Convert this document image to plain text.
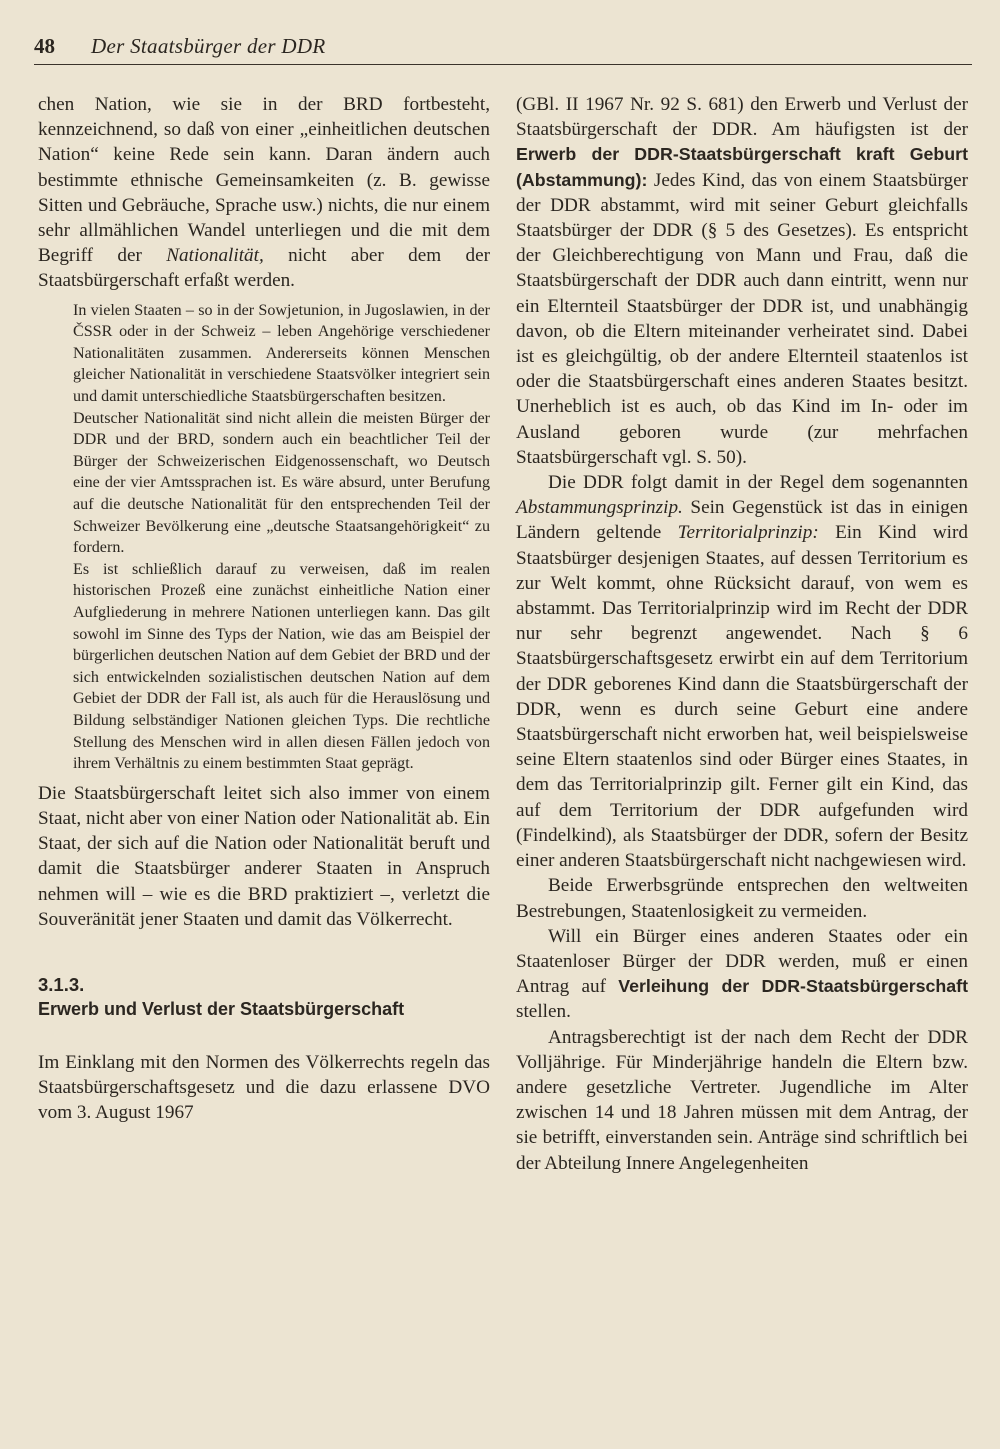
48 Der Staatsbürger der DDR

chen Nation, wie sie in der BRD fortbesteht, kennzeichnend, so daß von einer „einheitlichen deutschen Nation“ keine Rede sein kann. Daran ändern auch bestimmte ethnische Gemeinsamkeiten (z. B. gewisse Sitten und Gebräuche, Sprache usw.) nichts, die nur einem sehr allmählichen Wandel unterliegen und die mit dem Begriff der Nationalität, nicht aber dem der Staatsbürgerschaft erfaßt werden.

In vielen Staaten – so in der Sowjetunion, in Jugoslawien, in der ČSSR oder in der Schweiz – leben Angehörige verschiedener Nationalitäten zusammen. Andererseits können Menschen gleicher Nationalität in verschiedene Staatsvölker integriert sein und damit unterschiedliche Staatsbürgerschaften besitzen.

Deutscher Nationalität sind nicht allein die meisten Bürger der DDR und der BRD, sondern auch ein beachtlicher Teil der Bürger der Schweizerischen Eidgenossenschaft, wo Deutsch eine der vier Amtssprachen ist. Es wäre absurd, unter Berufung auf die deutsche Nationalität für den entsprechenden Teil der Schweizer Bevölkerung eine „deutsche Staatsangehörigkeit“ zu fordern.

Es ist schließlich darauf zu verweisen, daß im realen historischen Prozeß eine zunächst einheitliche Nation einer Aufgliederung in mehrere Nationen unterliegen kann. Das gilt sowohl im Sinne des Typs der Nation, wie das am Beispiel der bürgerlichen deutschen Nation auf dem Gebiet der BRD und der sich entwickelnden sozialistischen deutschen Nation auf dem Gebiet der DDR der Fall ist, als auch für die Herauslösung und Bildung selbständiger Nationen gleichen Typs. Die rechtliche Stellung des Menschen wird in allen diesen Fällen jedoch von ihrem Verhältnis zu einem bestimmten Staat geprägt.

Die Staatsbürgerschaft leitet sich also immer von einem Staat, nicht aber von einer Nation oder Nationalität ab. Ein Staat, der sich auf die Nation oder Nationalität beruft und damit die Staatsbürger anderer Staaten in Anspruch nehmen will – wie es die BRD praktiziert –, verletzt die Souveränität jener Staaten und damit das Völkerrecht.

3.1.3.
Erwerb und Verlust der Staatsbürgerschaft

Im Einklang mit den Normen des Völkerrechts regeln das Staatsbürgerschaftsgesetz und die dazu erlassene DVO vom 3. August 1967

(GBl. II 1967 Nr. 92 S. 681) den Erwerb und Verlust der Staatsbürgerschaft der DDR. Am häufigsten ist der Erwerb der DDR-Staatsbürgerschaft kraft Geburt (Abstammung): Jedes Kind, das von einem Staatsbürger der DDR abstammt, wird mit seiner Geburt gleichfalls Staatsbürger der DDR (§ 5 des Gesetzes). Es entspricht der Gleichberechtigung von Mann und Frau, daß die Staatsbürgerschaft der DDR auch dann eintritt, wenn nur ein Elternteil Staatsbürger der DDR ist, und unabhängig davon, ob die Eltern miteinander verheiratet sind. Dabei ist es gleichgültig, ob der andere Elternteil staatenlos ist oder die Staatsbürgerschaft eines anderen Staates besitzt. Unerheblich ist es auch, ob das Kind im In- oder im Ausland geboren wurde (zur mehrfachen Staatsbürgerschaft vgl. S. 50).

Die DDR folgt damit in der Regel dem sogenannten Abstammungsprinzip. Sein Gegenstück ist das in einigen Ländern geltende Territorialprinzip: Ein Kind wird Staatsbürger desjenigen Staates, auf dessen Territorium es zur Welt kommt, ohne Rücksicht darauf, von wem es abstammt. Das Territorialprinzip wird im Recht der DDR nur sehr begrenzt angewendet. Nach § 6 Staatsbürgerschaftsgesetz erwirbt ein auf dem Territorium der DDR geborenes Kind dann die Staatsbürgerschaft der DDR, wenn es durch seine Geburt eine andere Staatsbürgerschaft nicht erworben hat, weil beispielsweise seine Eltern staatenlos sind oder Bürger eines Staates, in dem das Territorialprinzip gilt. Ferner gilt ein Kind, das auf dem Territorium der DDR aufgefunden wird (Findelkind), als Staatsbürger der DDR, sofern der Besitz einer anderen Staatsbürgerschaft nicht nachgewiesen wird.

Beide Erwerbsgründe entsprechen den weltweiten Bestrebungen, Staatenlosigkeit zu vermeiden.

Will ein Bürger eines anderen Staates oder ein Staatenloser Bürger der DDR werden, muß er einen Antrag auf Verleihung der DDR-Staatsbürgerschaft stellen.

Antragsberechtigt ist der nach dem Recht der DDR Volljährige. Für Minderjährige handeln die Eltern bzw. andere gesetzliche Vertreter. Jugendliche im Alter zwischen 14 und 18 Jahren müssen mit dem Antrag, der sie betrifft, einverstanden sein. Anträge sind schriftlich bei der Abteilung Innere Angelegenheiten
